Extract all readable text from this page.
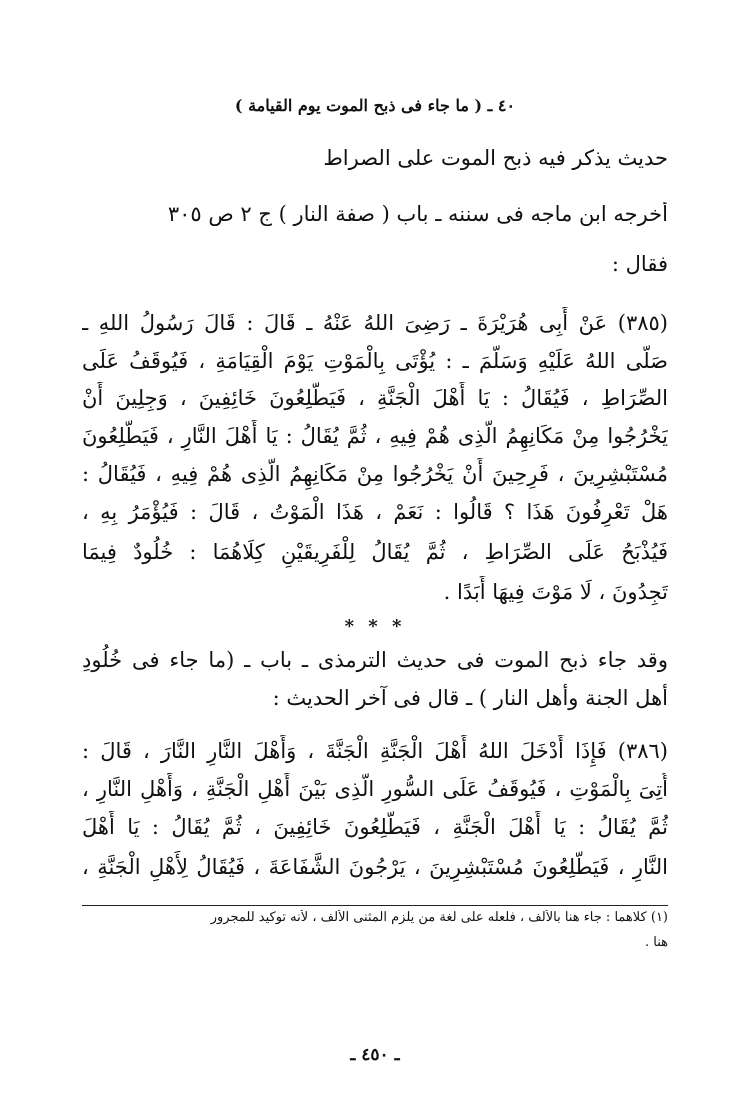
٤٠ ـ ( ما جاء فى ذبح الموت يوم القيامة )
حديث يذكر فيه ذبح الموت على الصراط
أخرجه ابن ماجه فى سننه ـ باب ( صفة النار ) ج ٢ ص ٣٠٥
فقال :
(٣٨٥) عَنْ أَبِى هُرَيْرَةَ ـ رَضِىَ اللهُ عَنْهُ ـ قَالَ : قَالَ رَسُولُ اللهِ ـ
صَلَّى اللهُ عَلَيْهِ وَسَلَّمَ ـ : يُؤْتَى بِالْمَوْتِ يَوْمَ الْقِيَامَةِ ، فَيُوقَفُ عَلَى
الصِّرَاطِ ، فَيُقَالُ : يَا أَهْلَ الْجَنَّةِ ، فَيَطَّلِعُونَ خَائِفِينَ ، وَجِلِينَ أَنْ
يَخْرُجُوا مِنْ مَكَانِهِمُ الَّذِى هُمْ فِيهِ ، ثُمَّ يُقَالُ : يَا أَهْلَ النَّارِ ، فَيَطَّلِعُونَ
مُسْتَبْشِرِينَ ، فَرِحِينَ أَنْ يَخْرُجُوا مِنْ مَكَانِهِمُ الَّذِى هُمْ فِيهِ ، فَيُقَالُ :
هَلْ تَعْرِفُونَ هَذَا ؟ قَالُوا : نَعَمْ ، هَذَا الْمَوْتُ ، قَالَ : فَيُؤْمَرُ بِهِ ،
فَيُذْبَحُ عَلَى الصِّرَاطِ ، ثُمَّ يُقَالُ لِلْفَرِيقَيْنِ كِلَاهُمَا : خُلُودٌ فِيمَا
تَجِدُونَ ، لَا مَوْتَ فِيهَا أَبَدًا .
* * *
وقد جاء ذبح الموت فى حديث الترمذى ـ باب ـ (ما جاء فى خُلُودِ
أهل الجنة وأهل النار ) ـ قال فى آخر الحديث :
(٣٨٦) فَإِذَا أَدْخَلَ اللهُ أَهْلَ الْجَنَّةِ الْجَنَّةَ ، وَأَهْلَ النَّارِ النَّارَ ، قَالَ :
أُتِىَ بِالْمَوْتِ ، فَيُوقَفُ عَلَى السُّورِ الَّذِى بَيْنَ أَهْلِ الْجَنَّةِ ، وَأَهْلِ النَّارِ ،
ثُمَّ يُقَالُ : يَا أَهْلَ الْجَنَّةِ ، فَيَطَّلِعُونَ خَائِفِينَ ، ثُمَّ يُقَالُ : يَا أَهْلَ
النَّارِ ، فَيَطَّلِعُونَ مُسْتَبْشِرِينَ ، يَرْجُونَ الشَّفَاعَةَ ، فَيُقَالُ لِأَهْلِ الْجَنَّةِ ،
(١) كلاهما : جاء هنا بالألف ، فلعله على لغة من يلزم المثنى الألف ، لأنه توكيد للمجرور
هنا .
ـ ٤٥٠ ـ
